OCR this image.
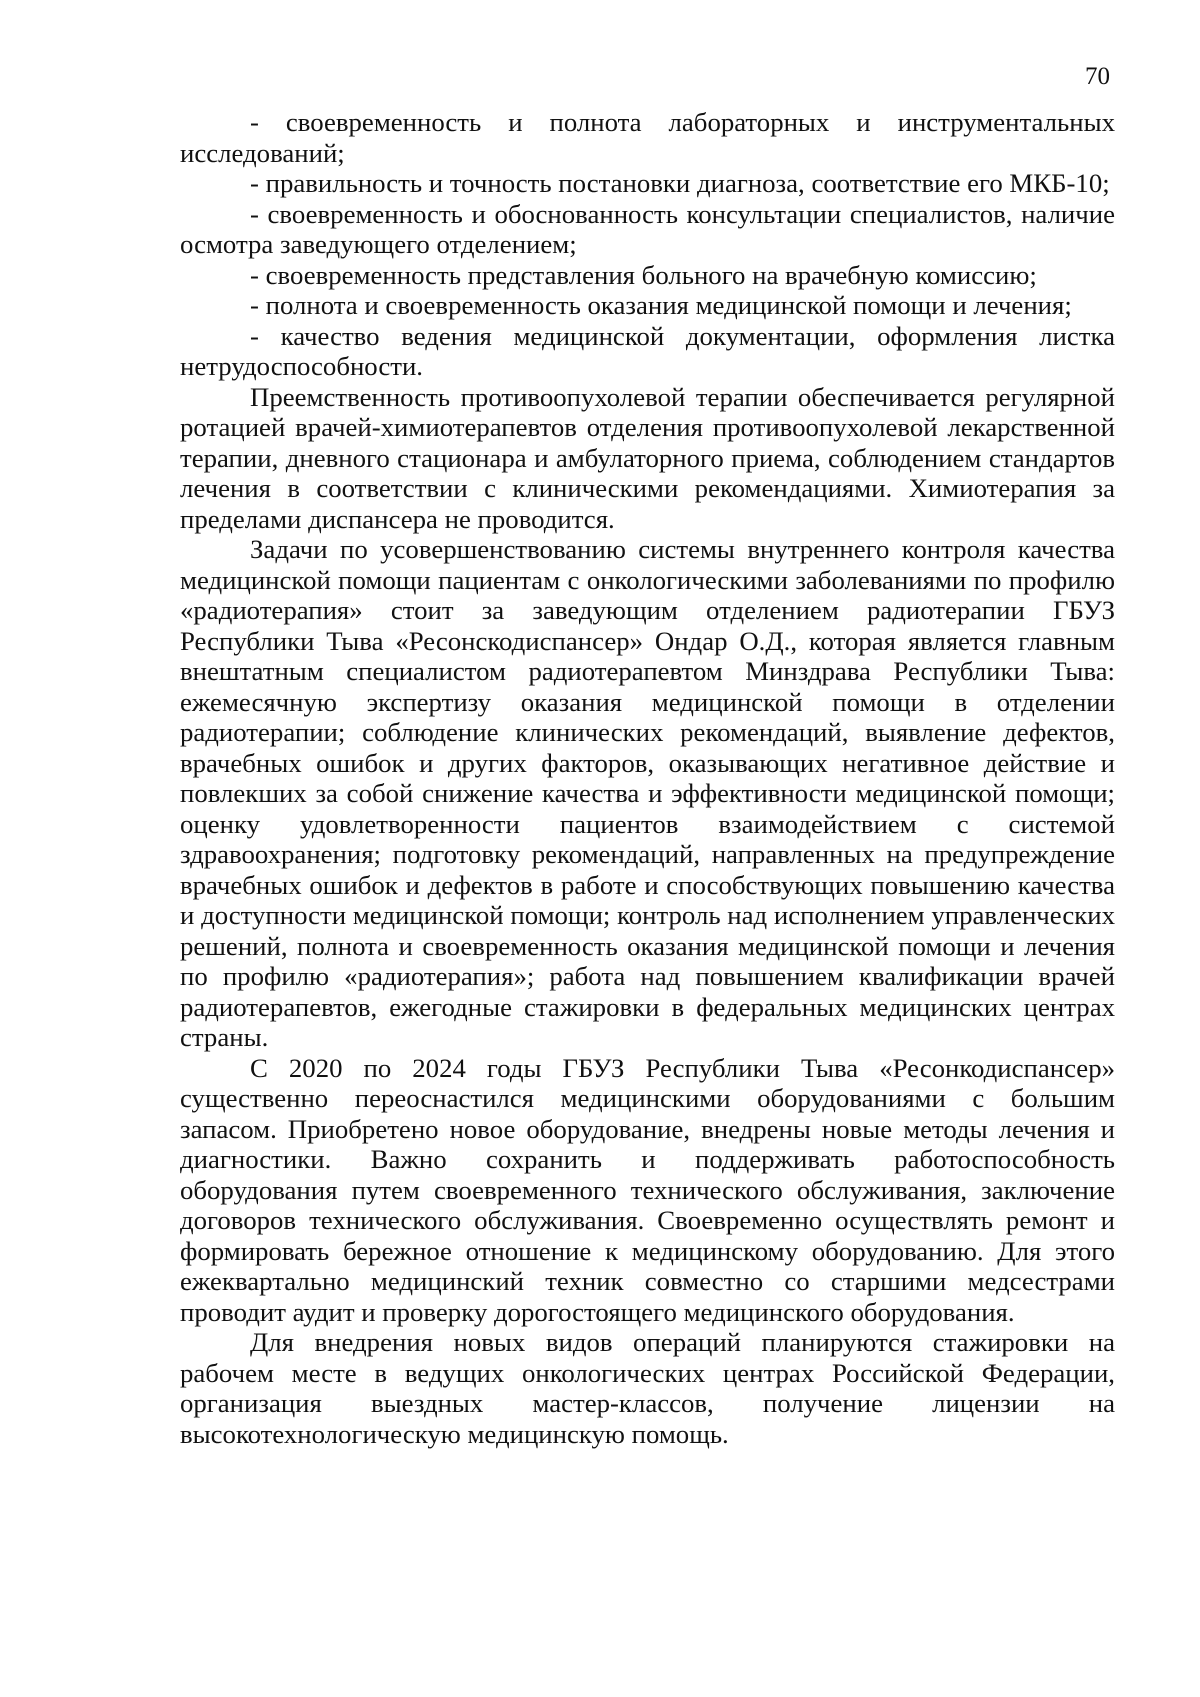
70

- своевременность и полнота лабораторных и инструментальных исследований;

- правильность и точность постановки диагноза, соответствие его МКБ-10;

- своевременность и обоснованность консультации специалистов, наличие осмотра заведующего отделением;

- своевременность представления больного на врачебную комиссию;

- полнота и своевременность оказания медицинской помощи и лечения;

- качество ведения медицинской документации, оформления листка нетрудоспособности.

Преемственность противоопухолевой терапии обеспечивается регулярной ротацией врачей-химиотерапевтов отделения противоопухолевой лекарственной терапии, дневного стационара и амбулаторного приема, соблюдением стандартов лечения в соответствии с клиническими рекомендациями. Химиотерапия за пределами диспансера не проводится.

Задачи по усовершенствованию системы внутреннего контроля качества медицинской помощи пациентам с онкологическими заболеваниями по профилю «радиотерапия» стоит за заведующим отделением радиотерапии ГБУЗ Республики Тыва «Ресонскодиспансер» Ондар О.Д., которая является главным внештатным специалистом радиотерапевтом Минздрава Республики Тыва: ежемесячную экспертизу оказания медицинской помощи в отделении радиотерапии; соблюдение клинических рекомендаций, выявление дефектов, врачебных ошибок и других факторов, оказывающих негативное действие и повлекших за собой снижение качества и эффективности медицинской помощи; оценку удовлетворенности пациентов взаимодействием с системой здравоохранения; подготовку рекомендаций, направленных на предупреждение врачебных ошибок и дефектов в работе и способствующих повышению качества и доступности медицинской помощи; контроль над исполнением управленческих решений, полнота и своевременность оказания медицинской помощи и лечения по профилю «радиотерапия»; работа над повышением квалификации врачей радиотерапевтов, ежегодные стажировки в федеральных медицинских центрах страны.

С 2020 по 2024 годы ГБУЗ Республики Тыва «Ресонкодиспансер» существенно переоснастился медицинскими оборудованиями с большим запасом. Приобретено новое оборудование, внедрены новые методы лечения и диагностики. Важно сохранить и поддерживать работоспособность оборудования путем своевременного технического обслуживания, заключение договоров технического обслуживания. Своевременно осуществлять ремонт и формировать бережное отношение к медицинскому оборудованию. Для этого ежеквартально медицинский техник совместно со старшими медсестрами проводит аудит и проверку дорогостоящего медицинского оборудования.

Для внедрения новых видов операций планируются стажировки на рабочем месте в ведущих онкологических центрах Российской Федерации, организация выездных мастер-классов, получение лицензии на высокотехнологическую медицинскую помощь.
